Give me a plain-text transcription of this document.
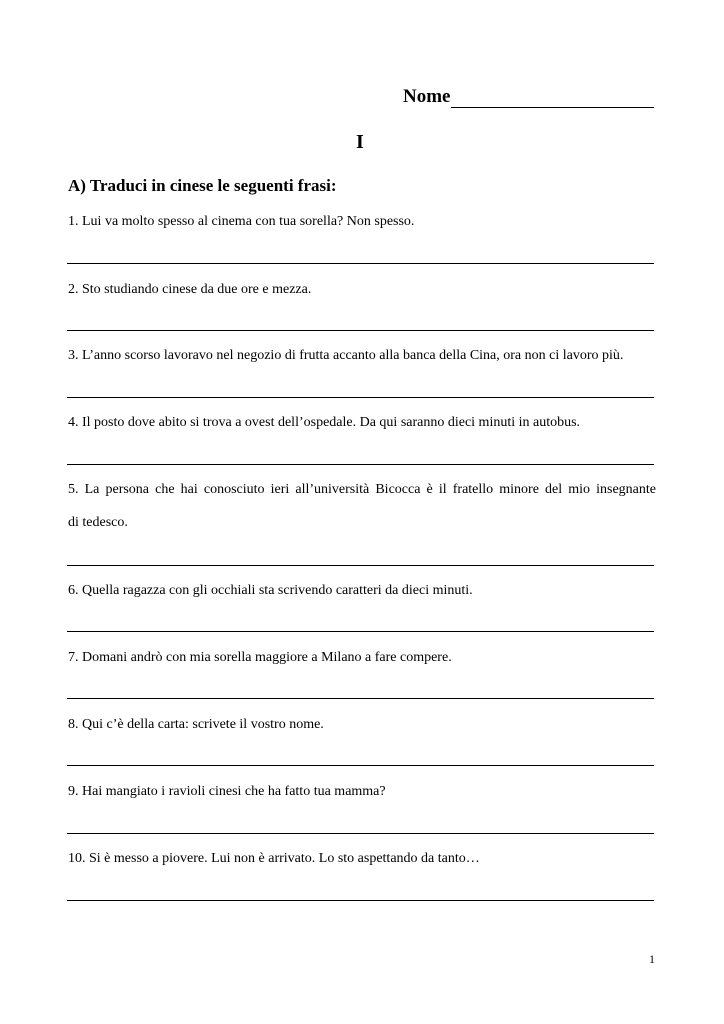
Nome
I
A) Traduci in cinese le seguenti frasi:
1. Lui va molto spesso al cinema con tua sorella? Non spesso.
2. Sto studiando cinese da due ore e mezza.
3. L’anno scorso lavoravo nel negozio di frutta accanto alla banca della Cina, ora non ci lavoro più.
4. Il posto dove abito si trova a ovest dell’ospedale. Da qui saranno dieci minuti in autobus.
5. La persona che hai conosciuto ieri all’università Bicocca è il fratello minore del mio insegnante
di tedesco.
6. Quella ragazza con gli occhiali sta scrivendo caratteri da dieci minuti.
7. Domani andrò con mia sorella maggiore a Milano a fare compere.
8. Qui c’è della carta: scrivete il vostro nome.
9. Hai mangiato i ravioli cinesi che ha fatto tua mamma?
10. Si è messo a piovere. Lui non è arrivato. Lo sto aspettando da tanto…
1
